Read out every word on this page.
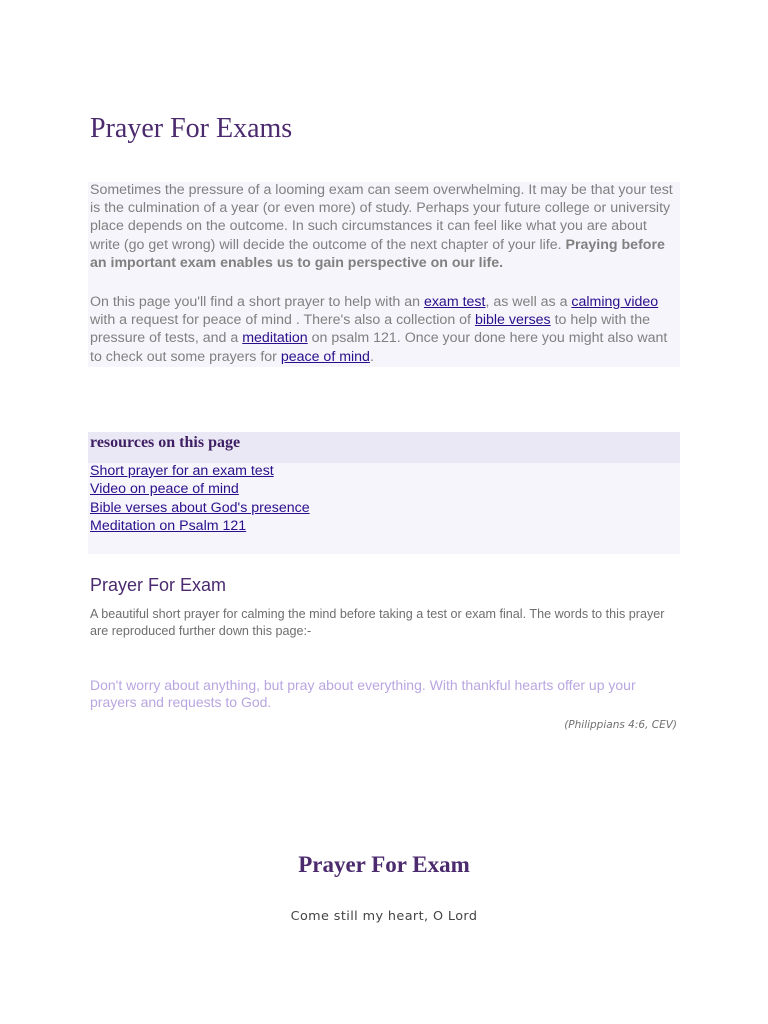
Prayer For Exams

Sometimes the pressure of a looming exam can seem overwhelming. It may be that your test is the culmination of a year (or even more) of study. Perhaps your future college or university place depends on the outcome. In such circumstances it can feel like what you are about write (go get wrong) will decide the outcome of the next chapter of your life. Praying before an important exam enables us to gain perspective on our life.

On this page you'll find a short prayer to help with an exam test, as well as a calming video with a request for peace of mind . There's also a collection of bible verses to help with the pressure of tests, and a meditation on psalm 121. Once your done here you might also want to check out some prayers for peace of mind.

resources on this page
Short prayer for an exam test
Video on peace of mind
Bible verses about God's presence
Meditation on Psalm 121
Prayer For Exam

A beautiful short prayer for calming the mind before taking a test or exam final. The words to this prayer are reproduced further down this page:-

Don't worry about anything, but pray about everything. With thankful hearts offer up your prayers and requests to God.

(Philippians 4:6, CEV)

Prayer For Exam

Come still my heart, O Lord
